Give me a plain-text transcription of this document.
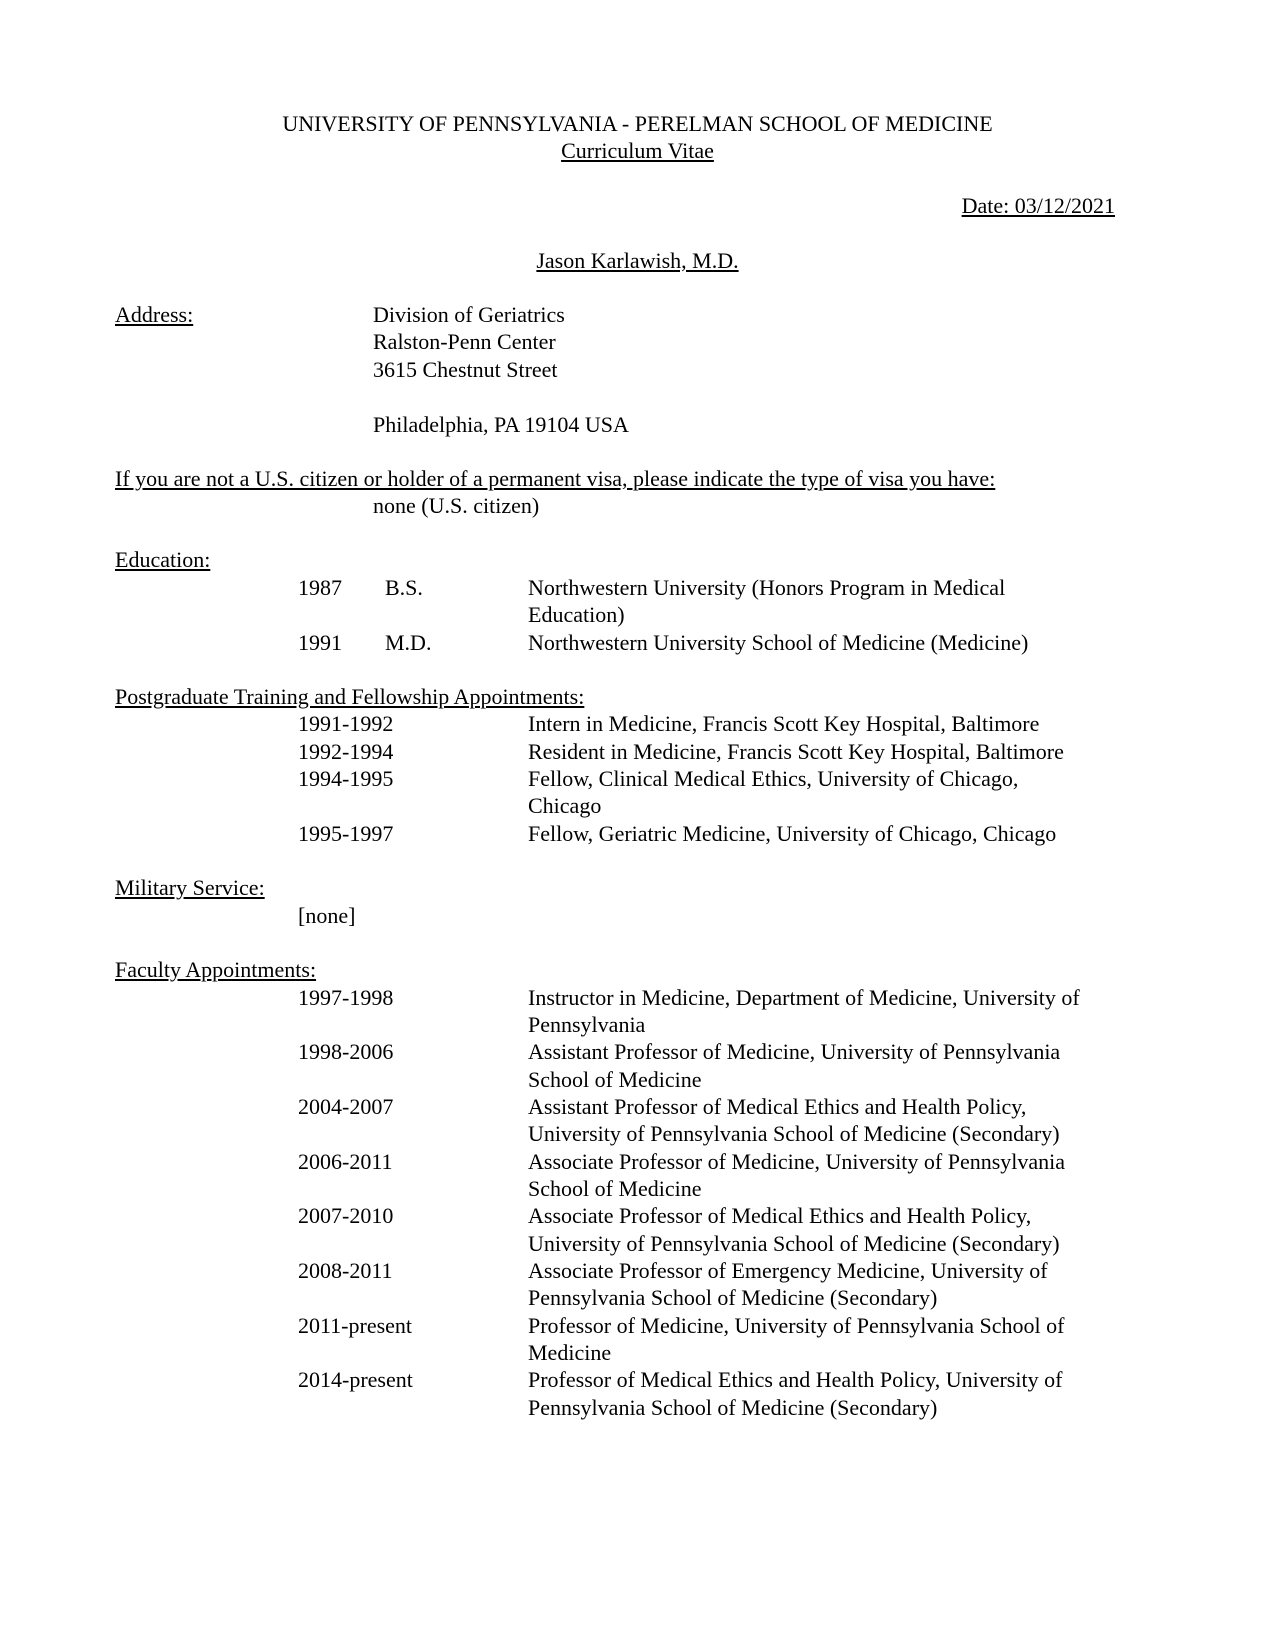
UNIVERSITY OF PENNSYLVANIA - PERELMAN SCHOOL OF MEDICINE
Curriculum Vitae
Date: 03/12/2021
Jason Karlawish, M.D.
Address:	Division of Geriatrics
Ralston-Penn Center
3615 Chestnut Street
Philadelphia, PA 19104 USA
If you are not a U.S. citizen or holder of a permanent visa, please indicate the type of visa you have:
none (U.S. citizen)
Education:
1987 B.S.	Northwestern University (Honors Program in Medical
Education)
1991 M.D.	Northwestern University School of Medicine (Medicine)
Postgraduate Training and Fellowship Appointments:
1991-1992	Intern in Medicine, Francis Scott Key Hospital, Baltimore
1992-1994	Resident in Medicine, Francis Scott Key Hospital, Baltimore
1994-1995	Fellow, Clinical Medical Ethics, University of Chicago,
Chicago
1995-1997	Fellow, Geriatric Medicine, University of Chicago, Chicago
Military Service:
[none]
Faculty Appointments:
1997-1998	Instructor in Medicine, Department of Medicine, University of
Pennsylvania
1998-2006	Assistant Professor of Medicine, University of Pennsylvania
School of Medicine
2004-2007	Assistant Professor of Medical Ethics and Health Policy,
University of Pennsylvania School of Medicine (Secondary)
2006-2011	Associate Professor of Medicine, University of Pennsylvania
School of Medicine
2007-2010	Associate Professor of Medical Ethics and Health Policy,
University of Pennsylvania School of Medicine (Secondary)
2008-2011	Associate Professor of Emergency Medicine, University of
Pennsylvania School of Medicine (Secondary)
2011-present	Professor of Medicine, University of Pennsylvania School of
Medicine
2014-present	Professor of Medical Ethics and Health Policy, University of
Pennsylvania School of Medicine (Secondary)
